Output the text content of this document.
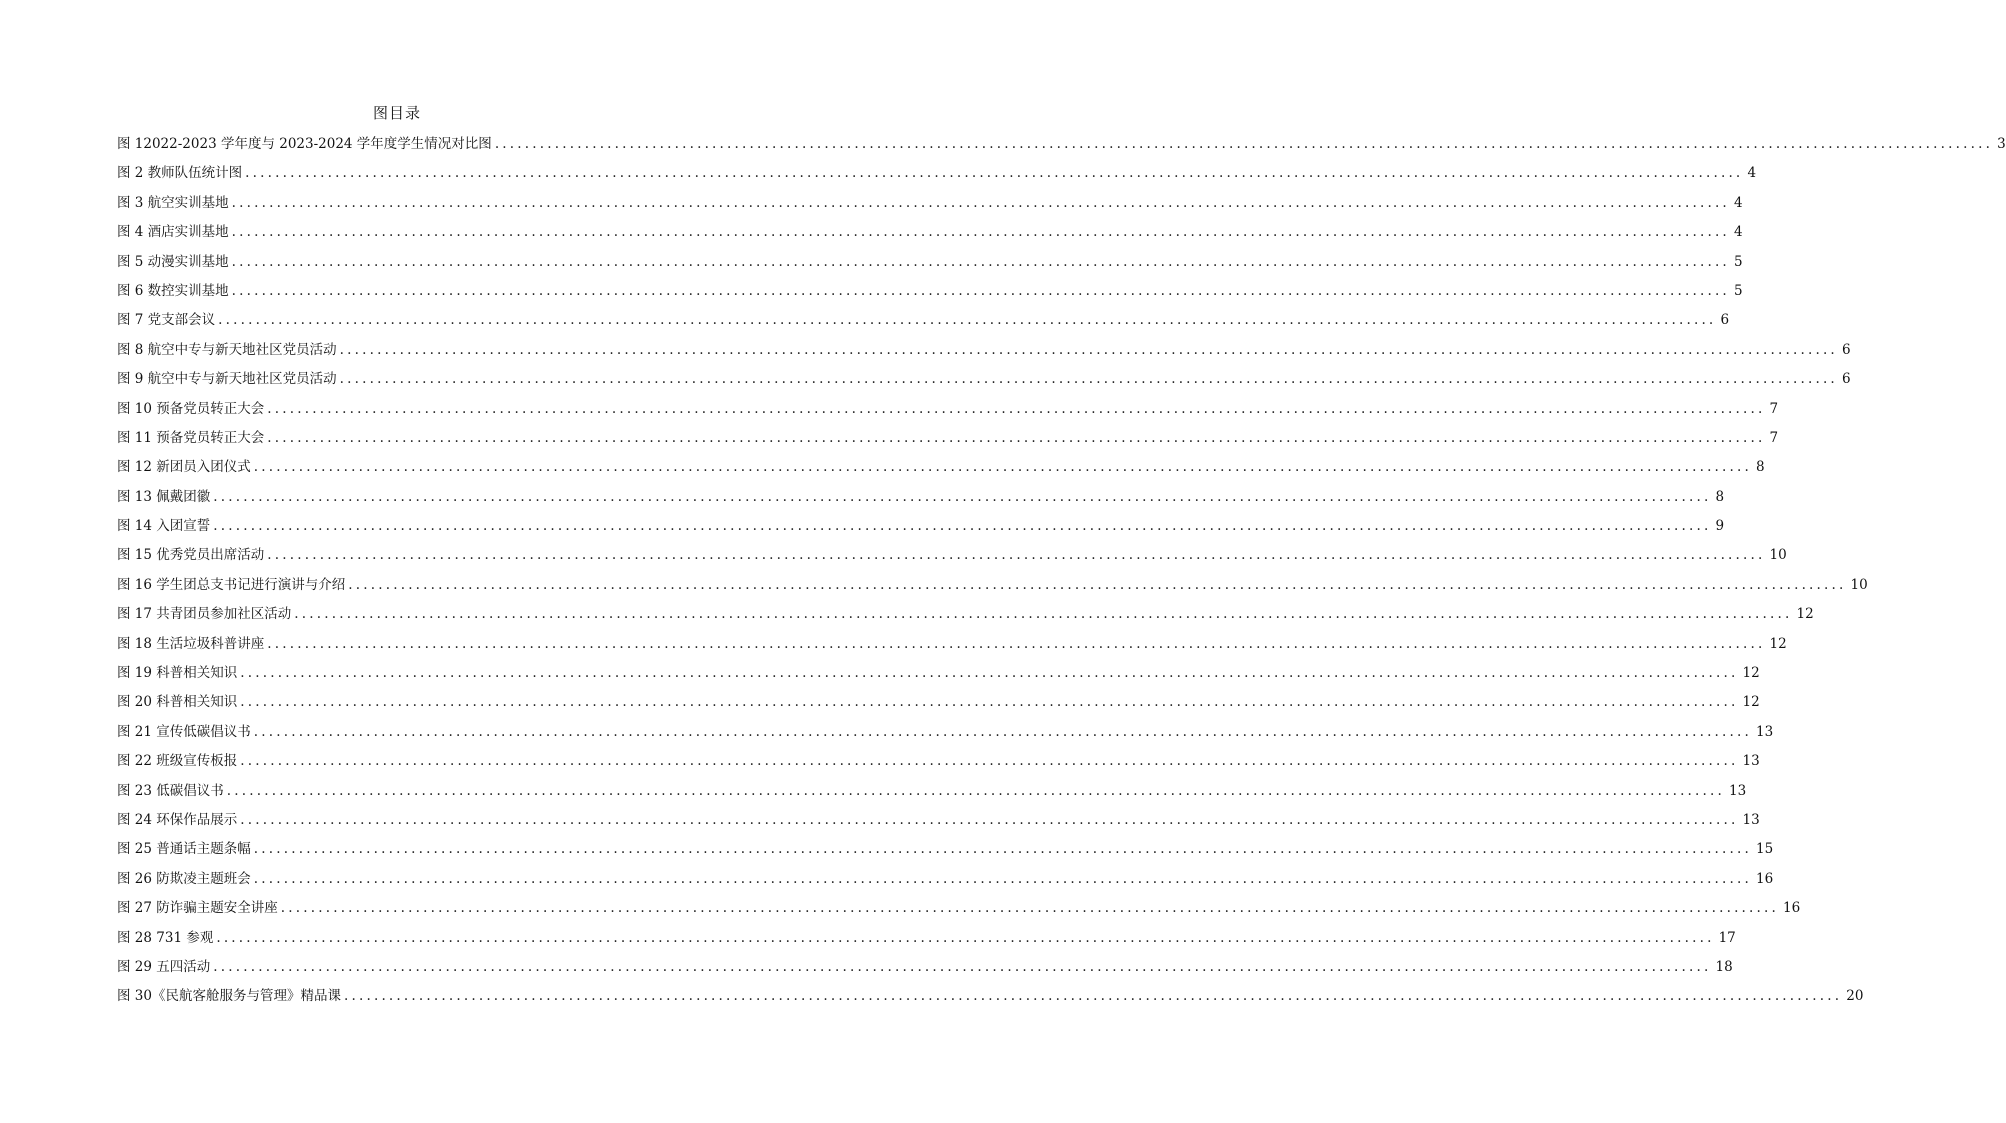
图目录
图 12022-2023 学年度与 2023-2024 学年度学生情况对比图 ........................................................................................................................................................................................................ 3
图 2 教师队伍统计图 ........................................................................................................................................................................................................ 4
图 3 航空实训基地 ........................................................................................................................................................................................................ 4
图 4 酒店实训基地 ........................................................................................................................................................................................................ 4
图 5 动漫实训基地 ........................................................................................................................................................................................................ 5
图 6 数控实训基地 ........................................................................................................................................................................................................ 5
图 7 党支部会议 ........................................................................................................................................................................................................ 6
图 8 航空中专与新天地社区党员活动 ........................................................................................................................................................................................................ 6
图 9 航空中专与新天地社区党员活动 ........................................................................................................................................................................................................ 6
图 10 预备党员转正大会 ........................................................................................................................................................................................................ 7
图 11 预备党员转正大会 ........................................................................................................................................................................................................ 7
图 12 新团员入团仪式 ........................................................................................................................................................................................................ 8
图 13 佩戴团徽 ........................................................................................................................................................................................................ 8
图 14 入团宣誓 ........................................................................................................................................................................................................ 9
图 15 优秀党员出席活动 ........................................................................................................................................................................................................ 10
图 16 学生团总支书记进行演讲与介绍 ........................................................................................................................................................................................................ 10
图 17 共青团员参加社区活动 ........................................................................................................................................................................................................ 12
图 18 生活垃圾科普讲座 ........................................................................................................................................................................................................ 12
图 19 科普相关知识 ........................................................................................................................................................................................................ 12
图 20 科普相关知识 ........................................................................................................................................................................................................ 12
图 21 宣传低碳倡议书 ........................................................................................................................................................................................................ 13
图 22 班级宣传板报 ........................................................................................................................................................................................................ 13
图 23 低碳倡议书 ........................................................................................................................................................................................................ 13
图 24 环保作品展示 ........................................................................................................................................................................................................ 13
图 25 普通话主题条幅 ........................................................................................................................................................................................................ 15
图 26 防欺凌主题班会 ........................................................................................................................................................................................................ 16
图 27 防诈骗主题安全讲座 ........................................................................................................................................................................................................ 16
图 28 731 参观 ........................................................................................................................................................................................................ 17
图 29 五四活动 ........................................................................................................................................................................................................ 18
图 30《民航客舱服务与管理》精品课 ........................................................................................................................................................................................................ 20
